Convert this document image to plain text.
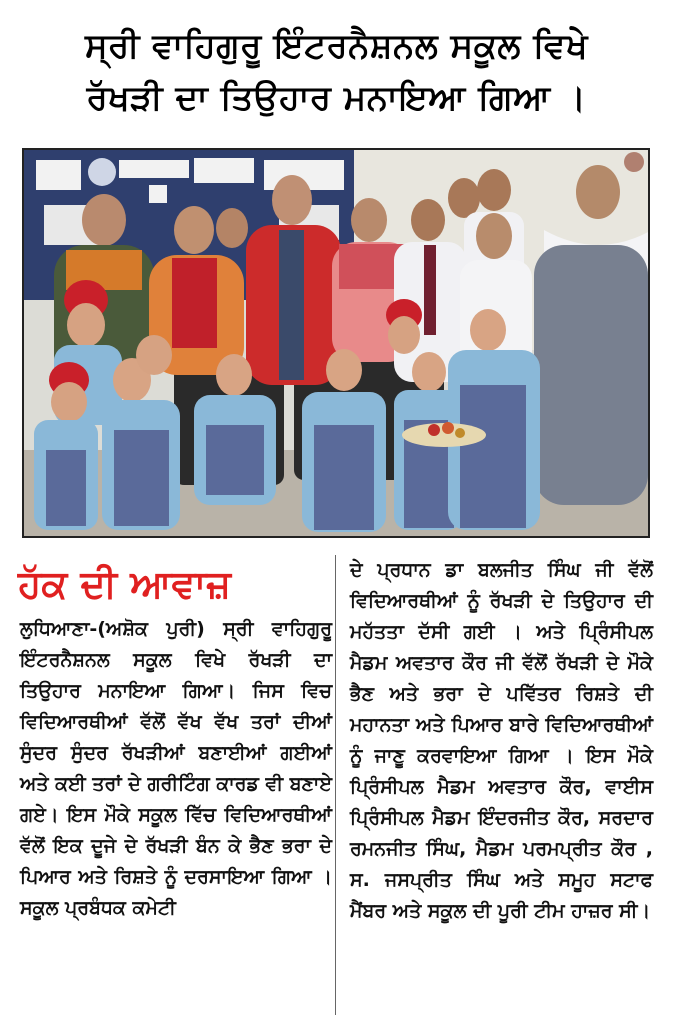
ਸ੍ਰੀ ਵਾਹਿਗੁਰੂ ਇੰਟਰਨੈਸ਼ਨਲ ਸਕੂਲ ਵਿਖੇ
ਰੱਖੜੀ ਦਾ ਤਿਉਹਾਰ ਮਨਾਇਆ ਗਿਆ ।
ਹੱਕ ਦੀ ਆਵਾਜ਼

ਲੁਧਿਆਣਾ-(ਅਸ਼ੋਕ ਪੁਰੀ) ਸ੍ਰੀ ਵਾਹਿਗੁਰੂ ਇੰਟਰਨੈਸ਼ਨਲ ਸਕੂਲ ਵਿਖੇ ਰੱਖੜੀ ਦਾ ਤਿਉਹਾਰ ਮਨਾਇਆ ਗਿਆ। ਜਿਸ ਵਿਚ ਵਿਦਿਆਰਥੀਆਂ ਵੱਲੋਂ ਵੱਖ ਵੱਖ ਤਰਾਂ ਦੀਆਂ ਸੁੰਦਰ ਸੁੰਦਰ ਰੱਖੜੀਆਂ ਬਣਾਈਆਂ ਗਈਆਂ ਅਤੇ ਕਈ ਤਰਾਂ ਦੇ ਗਰੀਟਿੰਗ ਕਾਰਡ ਵੀ ਬਣਾਏ ਗਏ। ਇਸ ਮੌਕੇ ਸਕੂਲ ਵਿੱਚ ਵਿਦਿਆਰਥੀਆਂ ਵੱਲੋਂ ਇਕ ਦੂਜੇ ਦੇ ਰੱਖੜੀ ਬੰਨ ਕੇ ਭੈਣ ਭਰਾ ਦੇ ਪਿਆਰ ਅਤੇ ਰਿਸ਼ਤੇ ਨੂੰ ਦਰਸਾਇਆ ਗਿਆ । ਸਕੂਲ ਪ੍ਰਬੰਧਕ ਕਮੇਟੀ

ਦੇ ਪ੍ਰਧਾਨ ਡਾ ਬਲਜੀਤ ਸਿੰਘ ਜੀ ਵੱਲੋਂ ਵਿਦਿਆਰਥੀਆਂ ਨੂੰ ਰੱਖੜੀ ਦੇ ਤਿਉਹਾਰ ਦੀ ਮਹੱਤਤਾ ਦੱਸੀ ਗਈ । ਅਤੇ ਪ੍ਰਿੰਸੀਪਲ ਮੈਡਮ ਅਵਤਾਰ ਕੌਰ ਜੀ ਵੱਲੋਂ ਰੱਖੜੀ ਦੇ ਮੌਕੇ ਭੈਣ ਅਤੇ ਭਰਾ ਦੇ ਪਵਿੱਤਰ ਰਿਸ਼ਤੇ ਦੀ ਮਹਾਨਤਾ ਅਤੇ ਪਿਆਰ ਬਾਰੇ ਵਿਦਿਆਰਥੀਆਂ ਨੂੰ ਜਾਣੂ ਕਰਵਾਇਆ ਗਿਆ । ਇਸ ਮੌਕੇ ਪ੍ਰਿੰਸੀਪਲ ਮੈਡਮ ਅਵਤਾਰ ਕੌਰ, ਵਾਈਸ ਪ੍ਰਿੰਸੀਪਲ ਮੈਡਮ ਇੰਦਰਜੀਤ ਕੌਰ, ਸਰਦਾਰ ਰਮਨਜੀਤ ਸਿੰਘ, ਮੈਡਮ ਪਰਮਪ੍ਰੀਤ ਕੌਰ , ਸ. ਜਸਪ੍ਰੀਤ ਸਿੰਘ ਅਤੇ ਸਮੂਹ ਸਟਾਫ ਮੈਂਬਰ ਅਤੇ ਸਕੂਲ ਦੀ ਪੂਰੀ ਟੀਮ ਹਾਜ਼ਰ ਸੀ।
